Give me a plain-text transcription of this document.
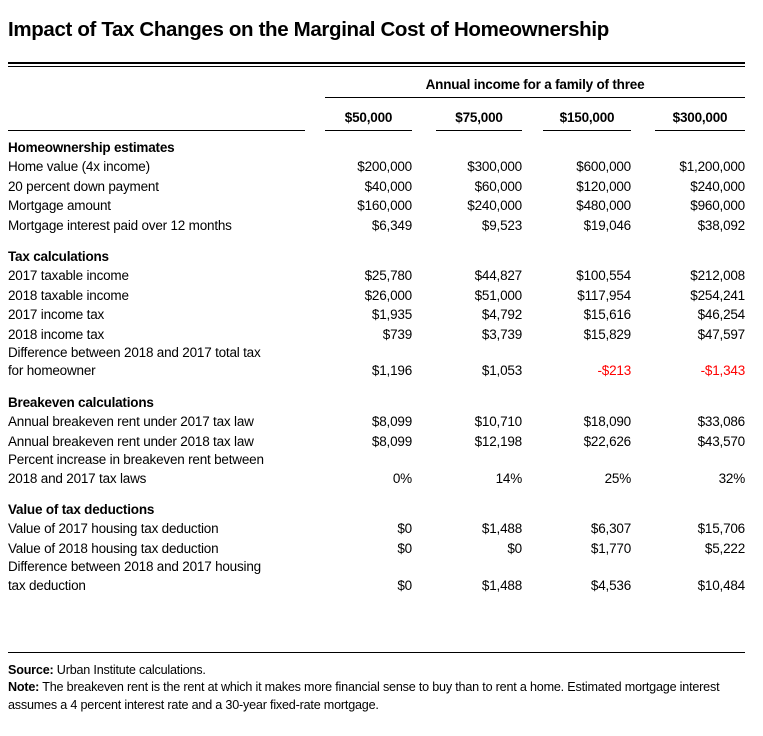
Impact of Tax Changes on the Marginal Cost of Homeownership
Annual income for a family of three
$50,000	$75,000	$150,000	$300,000
Homeownership estimates								
Home value (4x income)	$200,000		$300,000		$600,000		$1,200,000	
20 percent down payment	$40,000		$60,000		$120,000		$240,000	
Mortgage amount	$160,000		$240,000		$480,000		$960,000	
Mortgage interest paid over 12 months	$6,349		$9,523		$19,046		$38,092	

Tax calculations								
2017 taxable income	$25,780		$44,827		$100,554		$212,008	
2018 taxable income	$26,000		$51,000		$117,954		$254,241	
2017 income tax	$1,935		$4,792		$15,616		$46,254	
2018 income tax	$739		$3,739		$15,829		$47,597	
Difference between 2018 and 2017 total tax
for homeowner	$1,196		$1,053		-$213		-$1,343	

Breakeven calculations								
Annual breakeven rent under 2017 tax law	$8,099		$10,710		$18,090		$33,086	
Annual breakeven rent under 2018 tax law	$8,099		$12,198		$22,626		$43,570	
Percent increase in breakeven rent between
2018 and 2017 tax laws	0%		14%		25%		32%	

Value of tax deductions								
Value of 2017 housing tax deduction	$0		$1,488		$6,307		$15,706	
Value of 2018 housing tax deduction	$0		$0		$1,770		$5,222	
Difference between 2018 and 2017 housing
tax deduction	$0		$1,488		$4,536		$10,484	
Source: Urban Institute calculations.
Note: The breakeven rent is the rent at which it makes more financial sense to buy than to rent a home. Estimated mortgage interest assumes a 4 percent interest rate and a 30-year fixed-rate mortgage.
